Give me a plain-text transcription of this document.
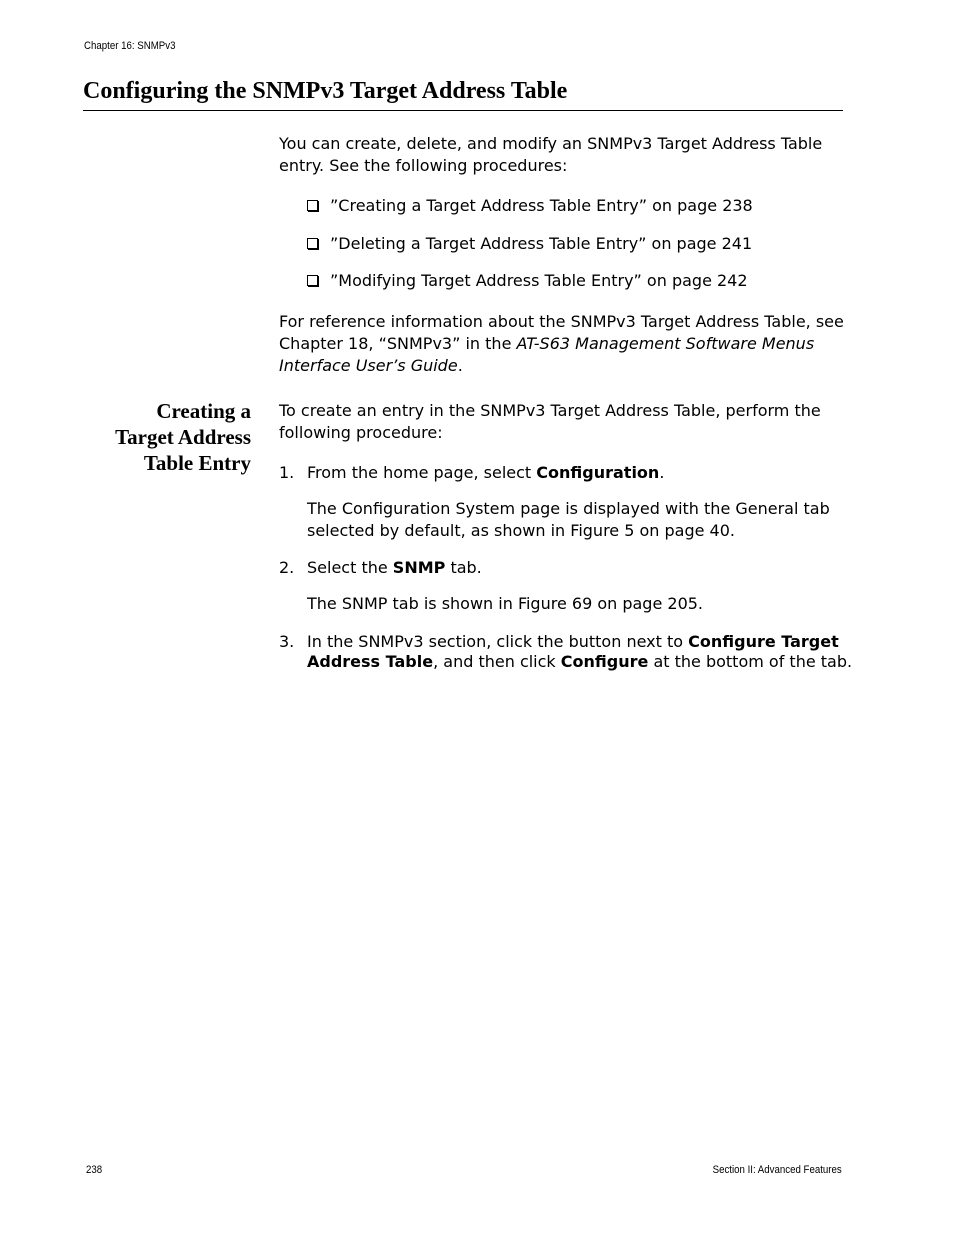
Chapter 16: SNMPv3
Configuring the SNMPv3 Target Address Table

You can create, delete, and modify an SNMPv3 Target Address Table
entry. See the following procedures:

”Creating a Target Address Table Entry” on page 238
”Deleting a Target Address Table Entry” on page 241
”Modifying Target Address Table Entry” on page 242

For reference information about the SNMPv3 Target Address Table, see
Chapter 18, “SNMPv3” in the AT-S63 Management Software Menus
Interface User’s Guide.

Creating a
Target Address
Table Entry

To create an entry in the SNMPv3 Target Address Table, perform the
following procedure:

1. From the home page, select Configuration.
The Configuration System page is displayed with the General tab
selected by default, as shown in Figure 5 on page 40.
2. Select the SNMP tab.
The SNMP tab is shown in Figure 69 on page 205.
3. In the SNMPv3 section, click the button next to Configure Target
Address Table, and then click Configure at the bottom of the tab.
238	Section II: Advanced Features
